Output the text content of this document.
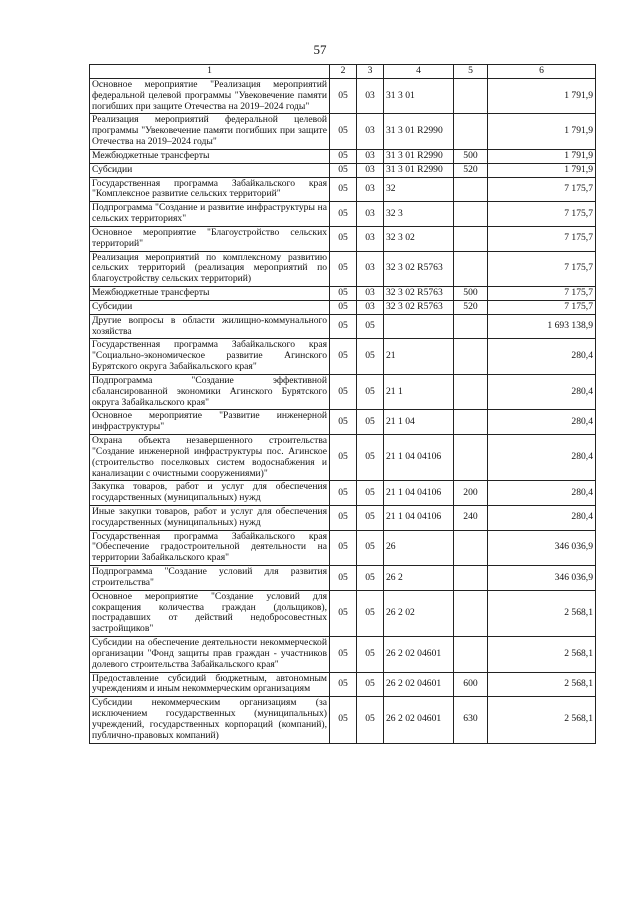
57
1	2	3	4	5	6
Основное мероприятие "Реализация мероприятий федеральной целевой программы "Увековечение памяти погибших при защите Отечества на 2019–2024 годы"	05	03	31 3 01		1 791,9
Реализация мероприятий федеральной целевой программы "Увековечение памяти погибших при защите Отечества на 2019–2024 годы"	05	03	31 3 01 R2990		1 791,9
Межбюджетные трансферты	05	03	31 3 01 R2990	500	1 791,9
Субсидии	05	03	31 3 01 R2990	520	1 791,9
Государственная программа Забайкальского края "Комплексное развитие сельских территорий"	05	03	32		7 175,7
Подпрограмма "Создание и развитие инфраструктуры на сельских территориях"	05	03	32 3		7 175,7
Основное мероприятие "Благоустройство сельских территорий"	05	03	32 3 02		7 175,7
Реализация мероприятий по комплексному развитию сельских территорий (реализация мероприятий по благоустройству сельских территорий)	05	03	32 3 02 R5763		7 175,7
Межбюджетные трансферты	05	03	32 3 02 R5763	500	7 175,7
Субсидии	05	03	32 3 02 R5763	520	7 175,7
Другие вопросы в области жилищно-коммунального хозяйства	05	05			1 693 138,9
Государственная программа Забайкальского края "Социально-экономическое развитие Агинского Бурятского округа Забайкальского края"	05	05	21		280,4
Подпрограмма "Создание эффективной сбалансированной экономики Агинского Бурятского округа Забайкальского края"	05	05	21 1		280,4
Основное мероприятие "Развитие инженерной инфраструктуры"	05	05	21 1 04		280,4
Охрана объекта незавершенного строительства "Создание инженерной инфраструктуры пос. Агинское (строительство поселковых систем водоснабжения и канализации с очистными сооружениями)"	05	05	21 1 04 04106		280,4
Закупка товаров, работ и услуг для обеспечения государственных (муниципальных) нужд	05	05	21 1 04 04106	200	280,4
Иные закупки товаров, работ и услуг для обеспечения государственных (муниципальных) нужд	05	05	21 1 04 04106	240	280,4
Государственная программа Забайкальского края "Обеспечение градостроительной деятельности на территории Забайкальского края"	05	05	26		346 036,9
Подпрограмма "Создание условий для развития строительства"	05	05	26 2		346 036,9
Основное мероприятие "Создание условий для сокращения количества граждан (дольщиков), пострадавших от действий недобросовестных застройщиков"	05	05	26 2 02		2 568,1
Субсидии на обеспечение деятельности некоммерческой организации "Фонд защиты прав граждан - участников долевого строительства Забайкальского края"	05	05	26 2 02 04601		2 568,1
Предоставление субсидий бюджетным, автономным учреждениям и иным некоммерческим организациям	05	05	26 2 02 04601	600	2 568,1
Субсидии некоммерческим организациям (за исключением государственных (муниципальных) учреждений, государственных корпораций (компаний), публично-правовых компаний)	05	05	26 2 02 04601	630	2 568,1
